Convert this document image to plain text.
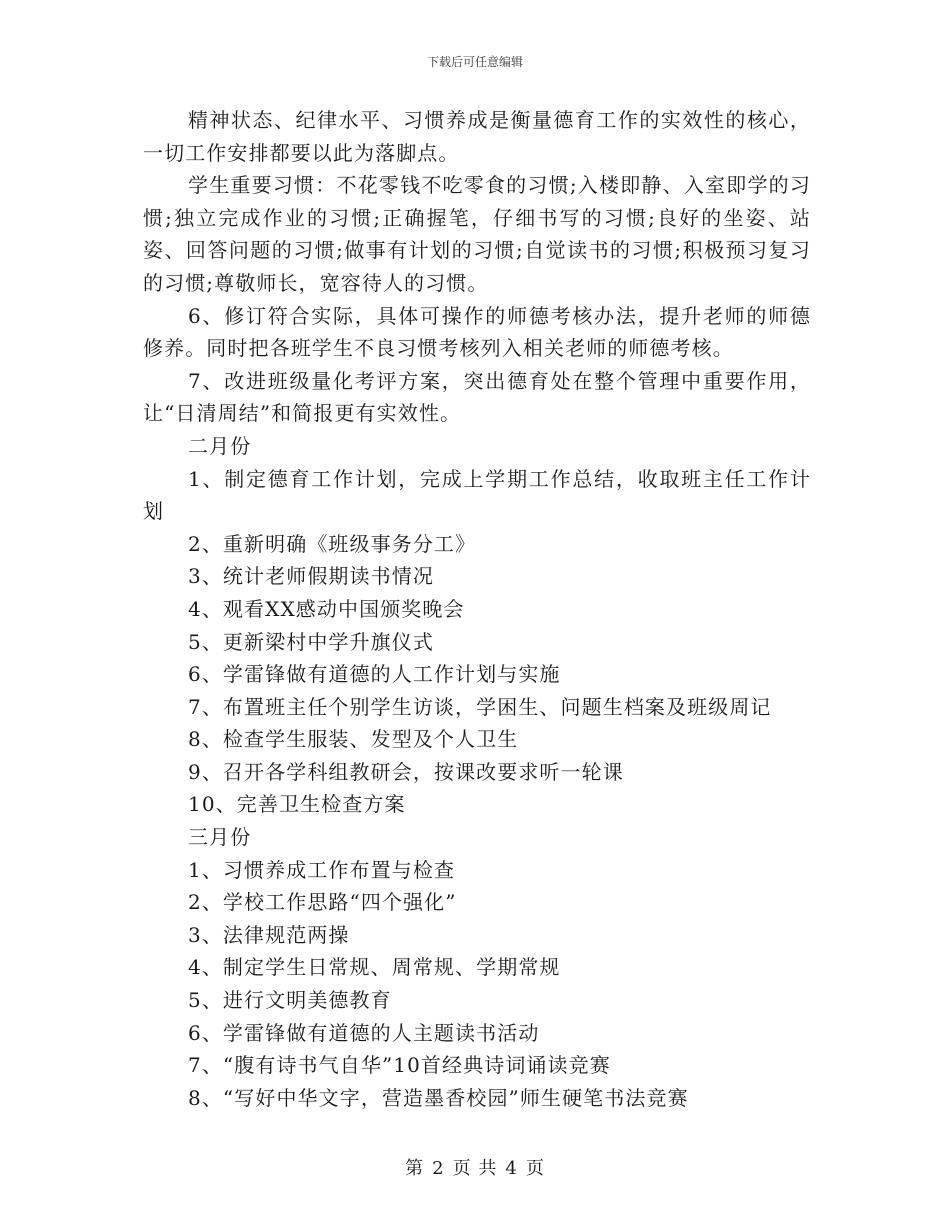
下载后可任意编辑

精神状态、纪律水平、习惯养成是衡量德育工作的实效性的核心，一切工作安排都要以此为落脚点。

学生重要习惯：不花零钱不吃零食的习惯;入楼即静、入室即学的习惯;独立完成作业的习惯;正确握笔，仔细书写的习惯;良好的坐姿、站姿、回答问题的习惯;做事有计划的习惯;自觉读书的习惯;积极预习复习的习惯;尊敬师长，宽容待人的习惯。

6、修订符合实际，具体可操作的师德考核办法，提升老师的师德修养。同时把各班学生不良习惯考核列入相关老师的师德考核。

7、改进班级量化考评方案，突出德育处在整个管理中重要作用，让“日清周结”和简报更有实效性。

二月份

1、制定德育工作计划，完成上学期工作总结，收取班主任工作计划

2、重新明确《班级事务分工》

3、统计老师假期读书情况

4、观看XX感动中国颁奖晚会

5、更新梁村中学升旗仪式

6、学雷锋做有道德的人工作计划与实施

7、布置班主任个别学生访谈，学困生、问题生档案及班级周记

8、检查学生服装、发型及个人卫生

9、召开各学科组教研会，按课改要求听一轮课

10、完善卫生检查方案

三月份

1、习惯养成工作布置与检查

2、学校工作思路“四个强化”

3、法律规范两操

4、制定学生日常规、周常规、学期常规

5、进行文明美德教育

6、学雷锋做有道德的人主题读书活动

7、“腹有诗书气自华”10首经典诗词诵读竞赛

8、“写好中华文字，营造墨香校园”师生硬笔书法竞赛

第 2 页 共 4 页
